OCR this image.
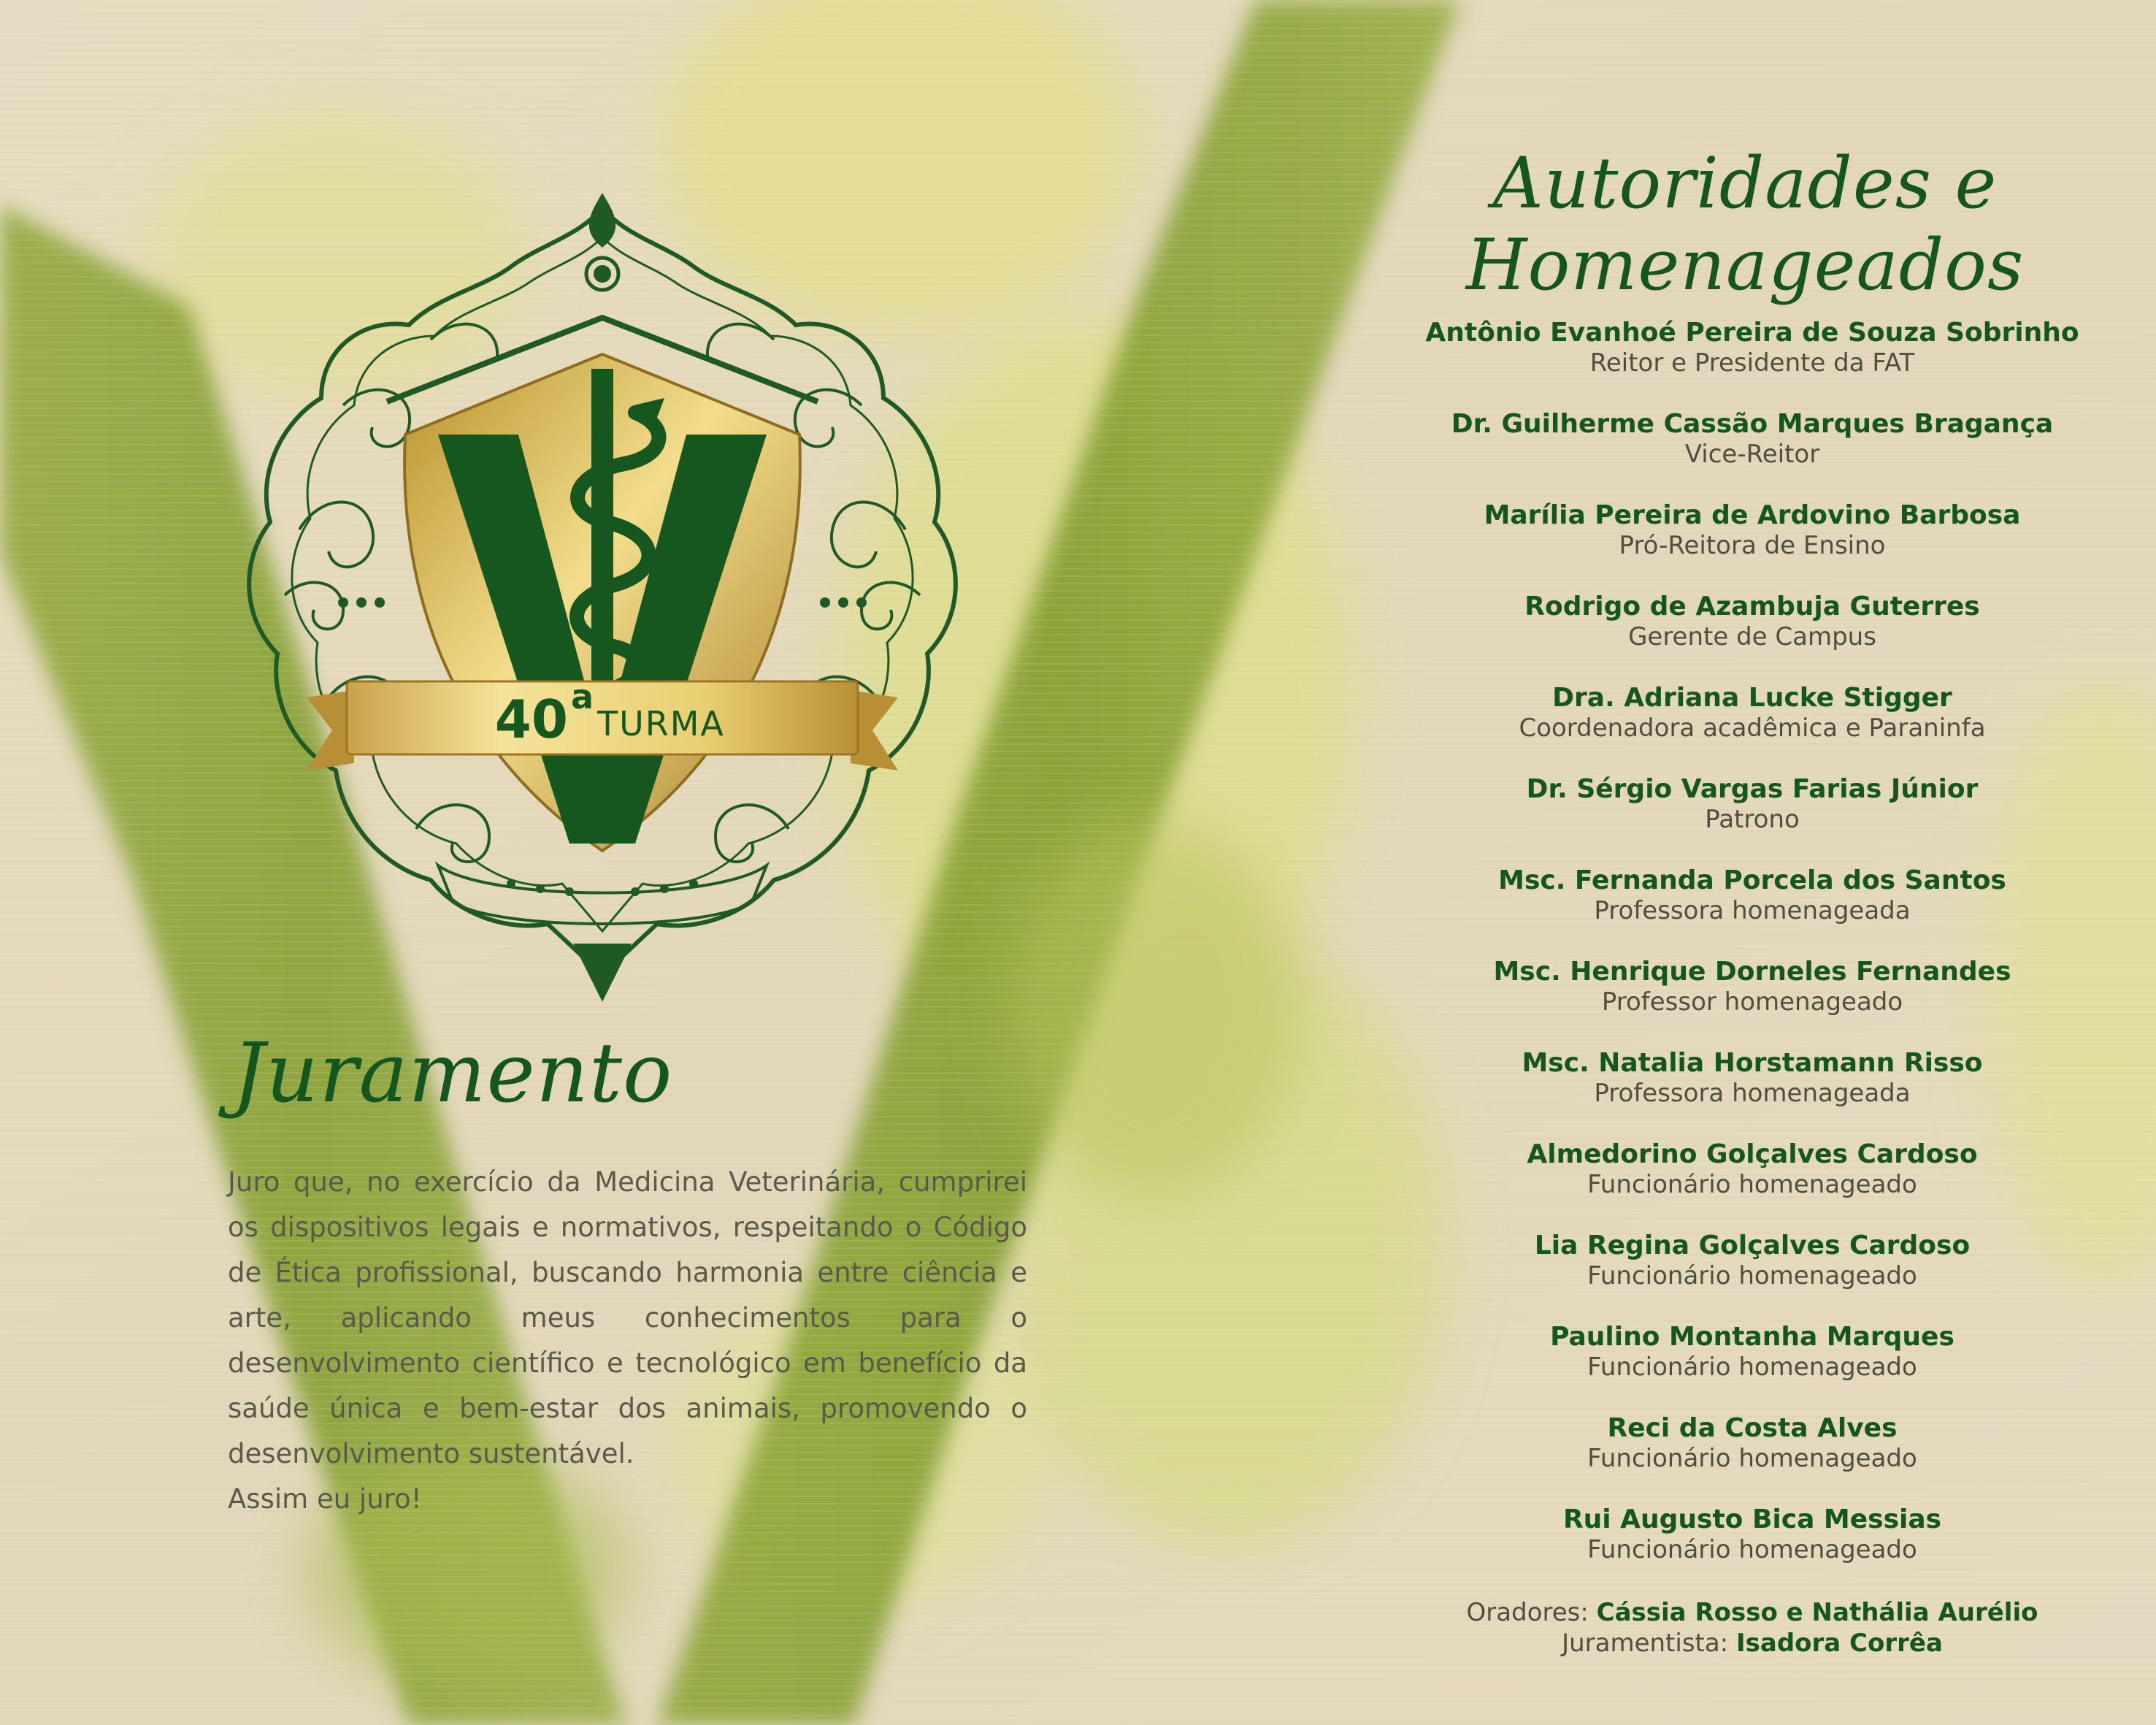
40 a
TURMA
Juramento

Juro que, no exercício da Medicina Veterinária, cumprirei os dispositivos legais e normativos, respeitando o Código de Ética profissional, buscando harmonia entre ciência e arte, aplicando meus conhecimentos para o desenvolvimento científico e tecnológico em benefício da saúde única e bem-estar dos animais, promovendo o desenvolvimento sustentável.
Assim eu juro!

Autoridades e
Homenageados
Antônio Evanhoé Pereira de Souza Sobrinho
Reitor e Presidente da FAT
Dr. Guilherme Cassão Marques Bragança
Vice-Reitor
Marília Pereira de Ardovino Barbosa
Pró-Reitora de Ensino
Rodrigo de Azambuja Guterres
Gerente de Campus
Dra. Adriana Lucke Stigger
Coordenadora acadêmica e Paraninfa
Dr. Sérgio Vargas Farias Júnior
Patrono
Msc. Fernanda Porcela dos Santos
Professora homenageada
Msc. Henrique Dorneles Fernandes
Professor homenageado
Msc. Natalia Horstamann Risso
Professora homenageada
Almedorino Golçalves Cardoso
Funcionário homenageado
Lia Regina Golçalves Cardoso
Funcionário homenageado
Paulino Montanha Marques
Funcionário homenageado
Reci da Costa Alves
Funcionário homenageado
Rui Augusto Bica Messias
Funcionário homenageado
Oradores: Cássia Rosso e Nathália Aurélio
Juramentista: Isadora Corrêa
